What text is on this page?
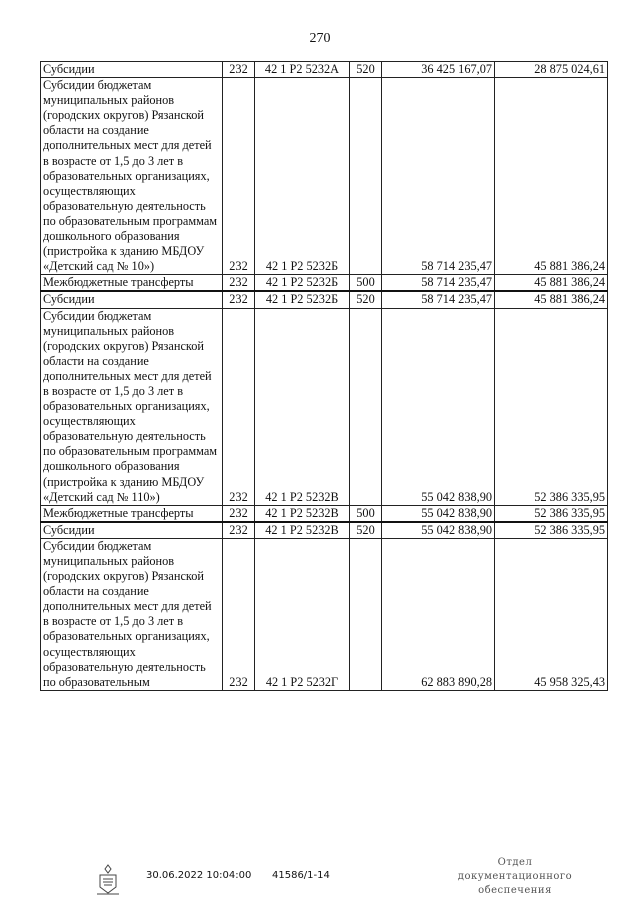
270
Субсидии	232	42 1 P2 5232A	520	36 425 167,07	28 875 024,61
Субсидии бюджетам муниципальных районов (городских округов) Рязанской области на создание дополнительных мест для детей в возрасте от 1,5 до 3 лет в образовательных организациях, осуществляющих образовательную деятельность по образовательным программам дошкольного образования (пристройка к зданию МБДОУ «Детский сад № 10»)	232	42 1 P2 5232Б		58 714 235,47	45 881 386,24
Межбюджетные трансферты	232	42 1 P2 5232Б	500	58 714 235,47	45 881 386,24
Субсидии	232	42 1 P2 5232Б	520	58 714 235,47	45 881 386,24
Субсидии бюджетам муниципальных районов (городских округов) Рязанской области на создание дополнительных мест для детей в возрасте от 1,5 до 3 лет в образовательных организациях, осуществляющих образовательную деятельность по образовательным программам дошкольного образования (пристройка к зданию МБДОУ «Детский сад № 110»)	232	42 1 P2 5232В		55 042 838,90	52 386 335,95
Межбюджетные трансферты	232	42 1 P2 5232В	500	55 042 838,90	52 386 335,95
Субсидии	232	42 1 P2 5232В	520	55 042 838,90	52 386 335,95
Субсидии бюджетам муниципальных районов (городских округов) Рязанской области на создание дополнительных мест для детей в возрасте от 1,5 до 3 лет в образовательных организациях, осуществляющих образовательную деятельность по образовательным	232	42 1 P2 5232Г		62 883 890,28	45 958 325,43
30.06.2022 10:04:00 41586/1-14
Отдел документационного
обеспечения
